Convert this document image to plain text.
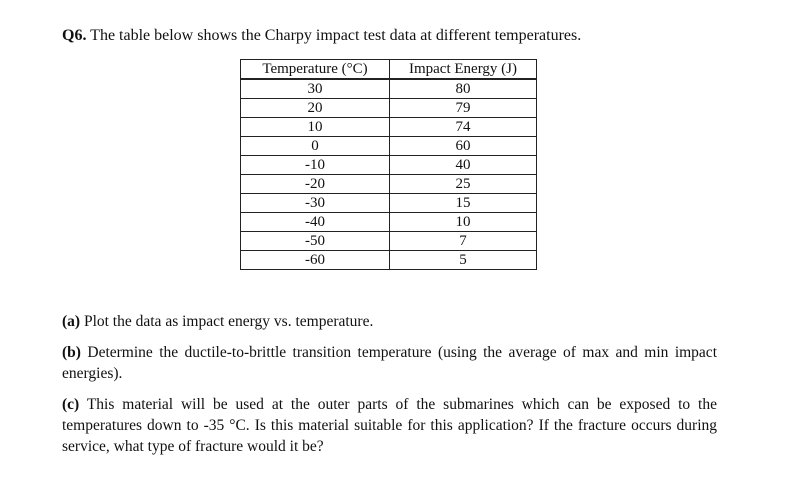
Q6. The table below shows the Charpy impact test data at different temperatures.
Temperature (°C)	Impact Energy (J)
30	80
20	79
10	74
0	60
-10	40
-20	25
-30	15
-40	10
-50	7
-60	5
(a) Plot the data as impact energy vs. temperature.
(b) Determine the ductile-to-brittle transition temperature (using the average of max and min impact energies).
(c) This material will be used at the outer parts of the submarines which can be exposed to the temperatures down to -35 °C. Is this material suitable for this application? If the fracture occurs during service, what type of fracture would it be?
